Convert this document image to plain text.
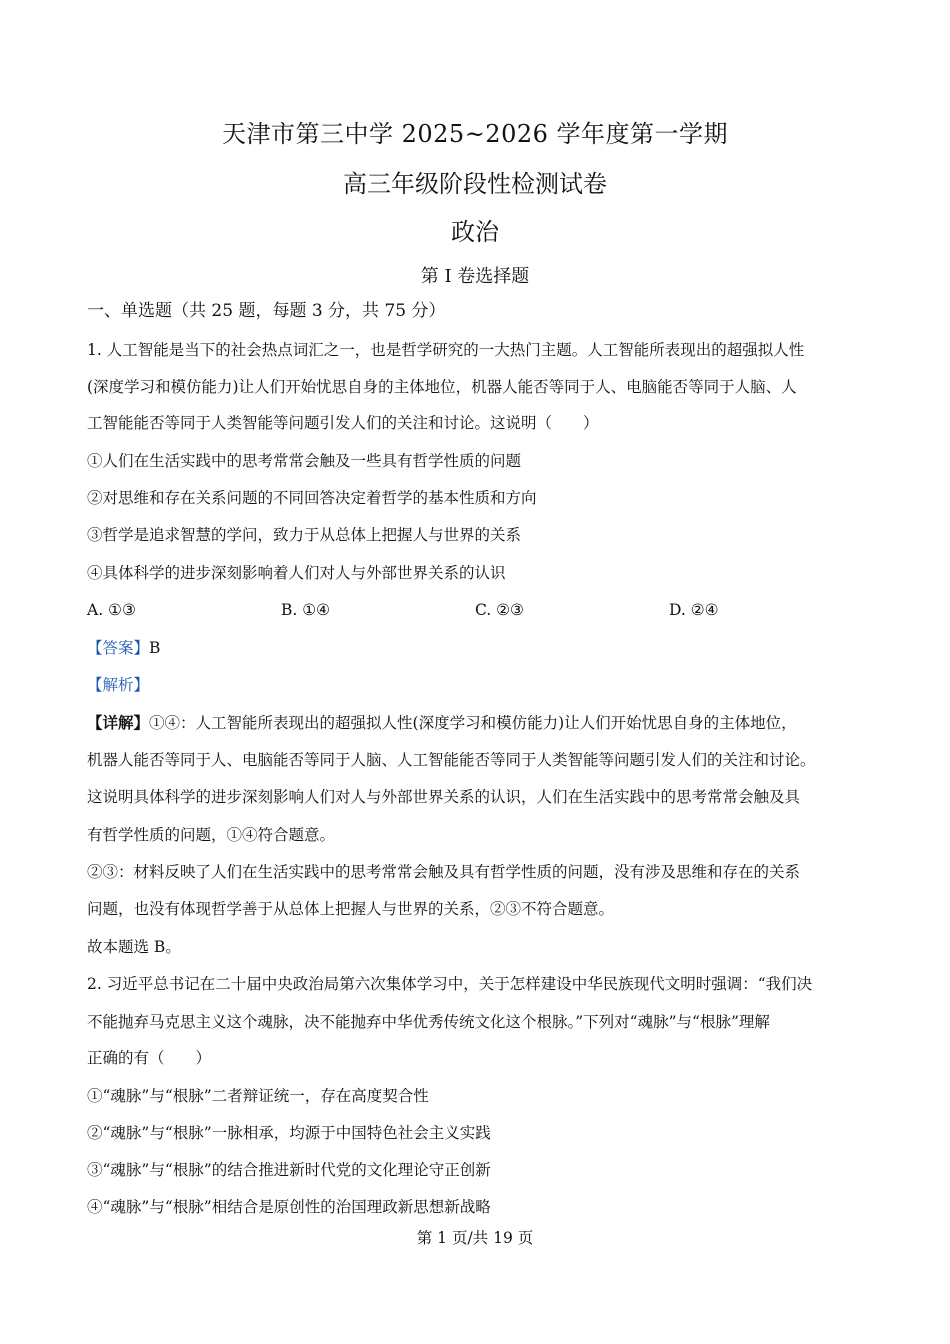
天津市第三中学 2025~2026 学年度第一学期
高三年级阶段性检测试卷
政治
第 I 卷选择题
一、单选题（共 25 题，每题 3 分，共 75 分）
1. 人工智能是当下的社会热点词汇之一，也是哲学研究的一大热门主题。人工智能所表现出的超强拟人性
(深度学习和模仿能力)让人们开始忧思自身的主体地位，机器人能否等同于人、电脑能否等同于人脑、人
工智能能否等同于人类智能等问题引发人们的关注和讨论。这说明（　　）
①人们在生活实践中的思考常常会触及一些具有哲学性质的问题
②对思维和存在关系问题的不同回答决定着哲学的基本性质和方向
③哲学是追求智慧的学问，致力于从总体上把握人与世界的关系
④具体科学的进步深刻影响着人们对人与外部世界关系的认识
A. ①③	B. ①④	C. ②③	D. ②④
【答案】B
【解析】
【详解】①④：人工智能所表现出的超强拟人性(深度学习和模仿能力)让人们开始忧思自身的主体地位，
机器人能否等同于人、电脑能否等同于人脑、人工智能能否等同于人类智能等问题引发人们的关注和讨论。
这说明具体科学的进步深刻影响人们对人与外部世界关系的认识，人们在生活实践中的思考常常会触及具
有哲学性质的问题，①④符合题意。
②③：材料反映了人们在生活实践中的思考常常会触及具有哲学性质的问题，没有涉及思维和存在的关系
问题，也没有体现哲学善于从总体上把握人与世界的关系，②③不符合题意。
故本题选 B。
2. 习近平总书记在二十届中央政治局第六次集体学习中，关于怎样建设中华民族现代文明时强调：“我们决
不能抛弃马克思主义这个魂脉，决不能抛弃中华优秀传统文化这个根脉。”下列对“魂脉”与“根脉”理解
正确的有（　　）
①“魂脉”与“根脉”二者辩证统一，存在高度契合性
②“魂脉”与“根脉”一脉相承，均源于中国特色社会主义实践
③“魂脉”与“根脉”的结合推进新时代党的文化理论守正创新
④“魂脉”与“根脉”相结合是原创性的治国理政新思想新战略
第 1 页/共 19 页
